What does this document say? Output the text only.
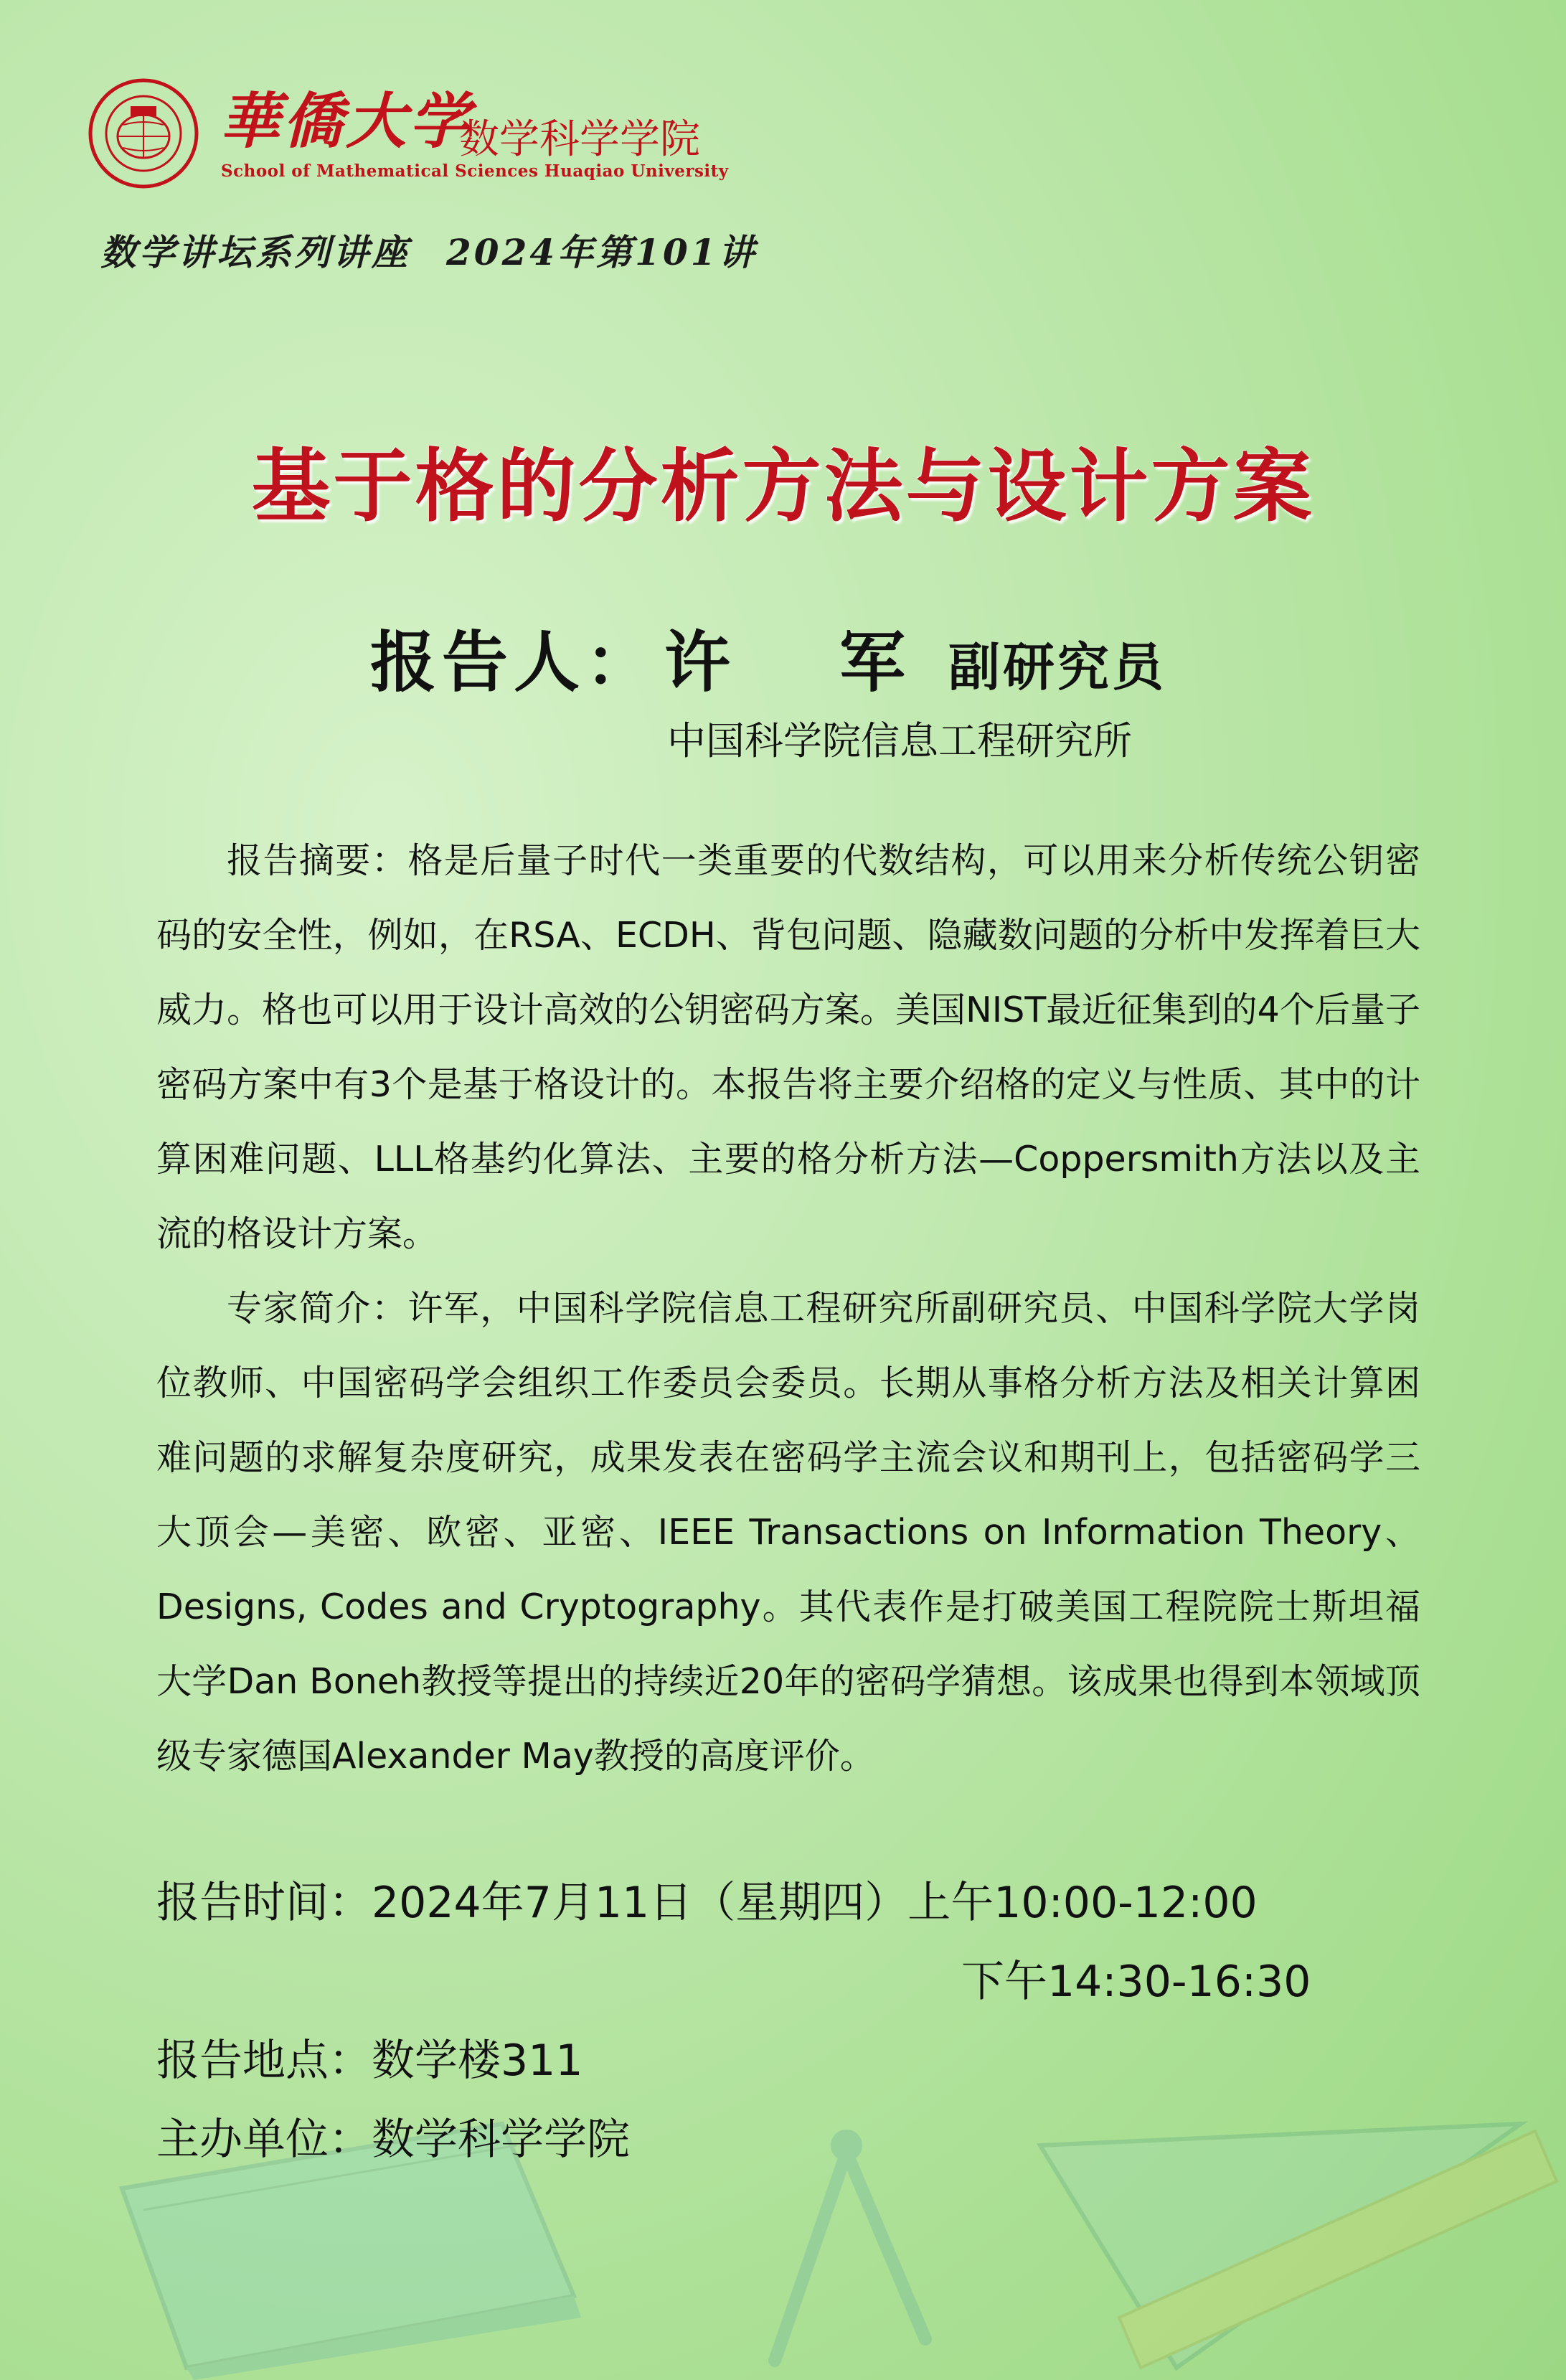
華僑大学
数学科学学院
School of Mathematical Sciences Huaqiao University
数学讲坛系列讲座 2024年第101讲
基于格的分析方法与设计方案
报告人： 许 军副研究员
中国科学院信息工程研究所

报告摘要：格是后量子时代一类重要的代数结构，可以用来分析传统公钥密码的安全性，例如，在RSA、ECDH、背包问题、隐藏数问题的分析中发挥着巨大威力。格也可以用于设计高效的公钥密码方案。美国NIST最近征集到的4个后量子密码方案中有3个是基于格设计的。本报告将主要介绍格的定义与性质、其中的计算困难问题、LLL格基约化算法、主要的格分析方法—Coppersmith方法以及主流的格设计方案。

专家简介：许军，中国科学院信息工程研究所副研究员、中国科学院大学岗位教师、中国密码学会组织工作委员会委员。长期从事格分析方法及相关计算困难问题的求解复杂度研究，成果发表在密码学主流会议和期刊上，包括密码学三大顶会—美密、欧密、亚密、IEEE Transactions on Information Theory、Designs, Codes and Cryptography。其代表作是打破美国工程院院士斯坦福大学Dan Boneh教授等提出的持续近20年的密码学猜想。该成果也得到本领域顶级专家德国Alexander May教授的高度评价。

报告时间：2024年7月11日（星期四）上午10:00-12:00
下午14:30-16:30
报告地点：数学楼311
主办单位：数学科学学院
